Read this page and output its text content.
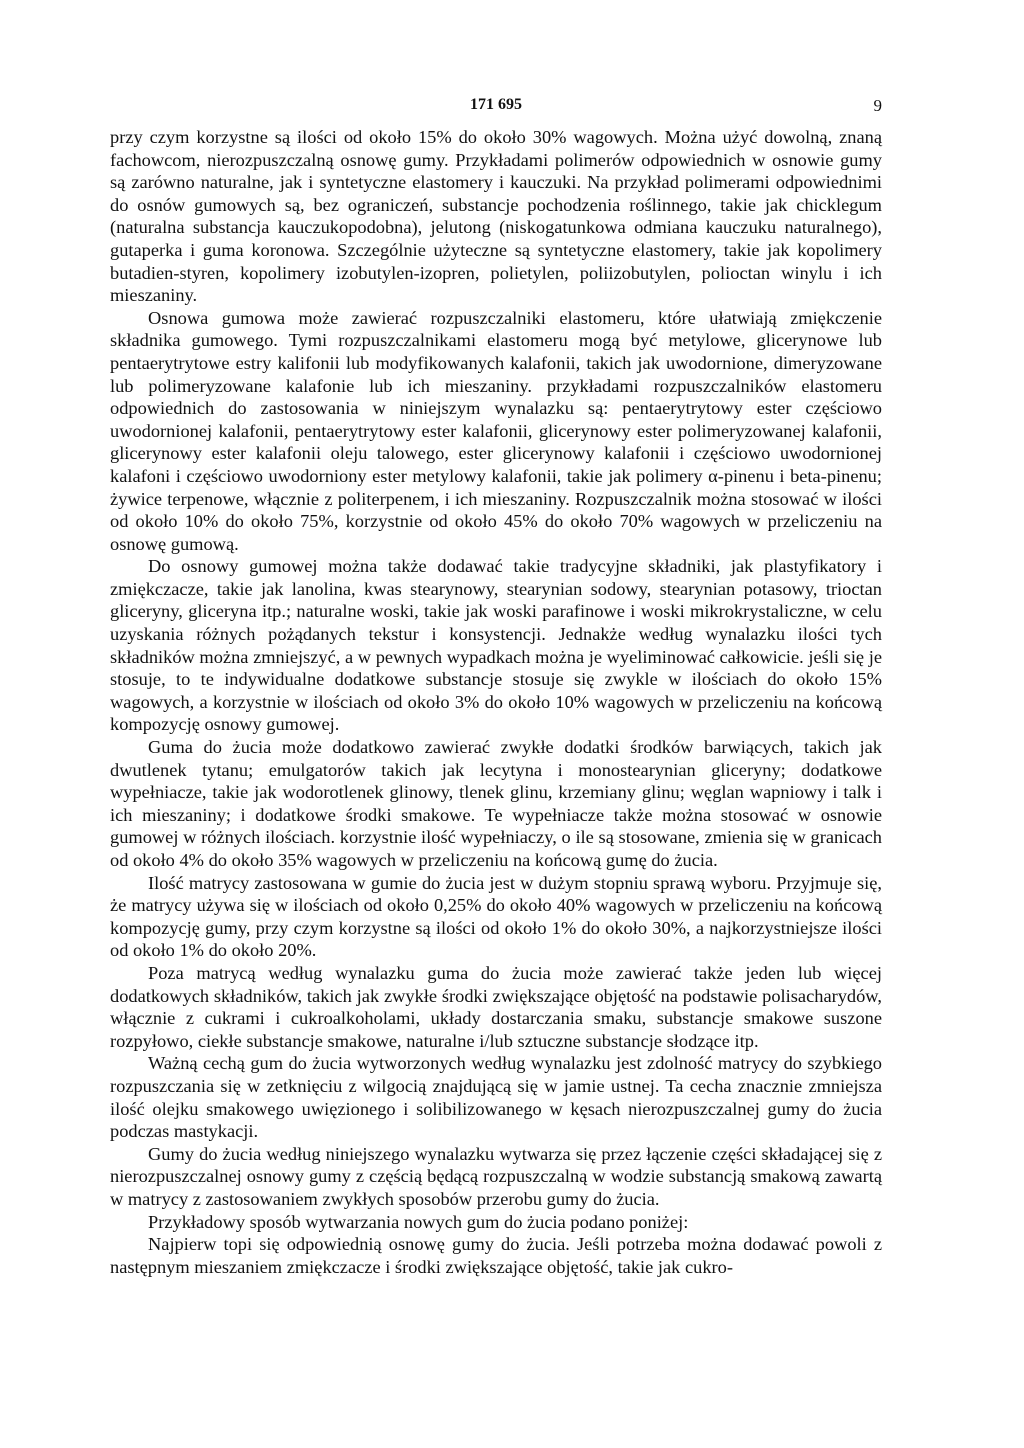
171 695	9

przy czym korzystne są ilości od około 15% do około 30% wagowych. Można użyć dowolną, znaną fachowcom, nierozpuszczalną osnowę gumy. Przykładami polimerów odpowiednich w osnowie gumy są zarówno naturalne, jak i syntetyczne elastomery i kauczuki. Na przykład polimerami odpowiednimi do osnów gumowych są, bez ograniczeń, substancje pochodzenia roślinnego, takie jak chicklegum (naturalna substancja kauczukopodobna), jelutong (niskogatunkowa odmiana kauczuku naturalnego), gutaperka i guma koronowa. Szczególnie użyteczne są syntetyczne elastomery, takie jak kopolimery butadien-styren, kopolimery izobutylen-izopren, polietylen, poliizobutylen, polioctan winylu i ich mieszaniny.

Osnowa gumowa może zawierać rozpuszczalniki elastomeru, które ułatwiają zmiękczenie składnika gumowego. Tymi rozpuszczalnikami elastomeru mogą być metylowe, glicerynowe lub pentaerytrytowe estry kalifonii lub modyfikowanych kalafonii, takich jak uwodornione, dimeryzowane lub polimeryzowane kalafonie lub ich mieszaniny. przykładami rozpuszczalników elastomeru odpowiednich do zastosowania w niniejszym wynalazku są: pentaerytrytowy ester częściowo uwodornionej kalafonii, pentaerytrytowy ester kalafonii, glicerynowy ester polimeryzowanej kalafonii, glicerynowy ester kalafonii oleju talowego, ester glicerynowy kalafonii i częściowo uwodornionej kalafoni i częściowo uwodorniony ester metylowy kalafonii, takie jak polimery α-pinenu i beta-pinenu; żywice terpenowe, włącznie z politerpenem, i ich mieszaniny. Rozpuszczalnik można stosować w ilości od około 10% do około 75%, korzystnie od około 45% do około 70% wagowych w przeliczeniu na osnowę gumową.

Do osnowy gumowej można także dodawać takie tradycyjne składniki, jak plastyfikatory i zmiękczacze, takie jak lanolina, kwas stearynowy, stearynian sodowy, stearynian potasowy, trioctan gliceryny, gliceryna itp.; naturalne woski, takie jak woski parafinowe i woski mikrokrystaliczne, w celu uzyskania różnych pożądanych tekstur i konsystencji. Jednakże według wynalazku ilości tych składników można zmniejszyć, a w pewnych wypadkach można je wyeliminować całkowicie. jeśli się je stosuje, to te indywidualne dodatkowe substancje stosuje się zwykle w ilościach do około 15% wagowych, a korzystnie w ilościach od około 3% do około 10% wagowych w przeliczeniu na końcową kompozycję osnowy gumowej.

Guma do żucia może dodatkowo zawierać zwykłe dodatki środków barwiących, takich jak dwutlenek tytanu; emulgatorów takich jak lecytyna i monostearynian gliceryny; dodatkowe wypełniacze, takie jak wodorotlenek glinowy, tlenek glinu, krzemiany glinu; węglan wapniowy i talk i ich mieszaniny; i dodatkowe środki smakowe. Te wypełniacze także można stosować w osnowie gumowej w różnych ilościach. korzystnie ilość wypełniaczy, o ile są stosowane, zmienia się w granicach od około 4% do około 35% wagowych w przeliczeniu na końcową gumę do żucia.

Ilość matrycy zastosowana w gumie do żucia jest w dużym stopniu sprawą wyboru. Przyjmuje się, że matrycy używa się w ilościach od około 0,25% do około 40% wagowych w przeliczeniu na końcową kompozycję gumy, przy czym korzystne są ilości od około 1% do około 30%, a najkorzystniejsze ilości od około 1% do około 20%.

Poza matrycą według wynalazku guma do żucia może zawierać także jeden lub więcej dodatkowych składników, takich jak zwykłe środki zwiększające objętość na podstawie polisacharydów, włącznie z cukrami i cukroalkoholami, układy dostarczania smaku, substancje smakowe suszone rozpyłowo, ciekłe substancje smakowe, naturalne i/lub sztuczne substancje słodzące itp.

Ważną cechą gum do żucia wytworzonych według wynalazku jest zdolność matrycy do szybkiego rozpuszczania się w zetknięciu z wilgocią znajdującą się w jamie ustnej. Ta cecha znacznie zmniejsza ilość olejku smakowego uwięzionego i solibilizowanego w kęsach nierozpuszczalnej gumy do żucia podczas mastykacji.

Gumy do żucia według niniejszego wynalazku wytwarza się przez łączenie części składającej się z nierozpuszczalnej osnowy gumy z częścią będącą rozpuszczalną w wodzie substancją smakową zawartą w matrycy z zastosowaniem zwykłych sposobów przerobu gumy do żucia.

Przykładowy sposób wytwarzania nowych gum do żucia podano poniżej:

Najpierw topi się odpowiednią osnowę gumy do żucia. Jeśli potrzeba można dodawać powoli z następnym mieszaniem zmiękczacze i środki zwiększające objętość, takie jak cukro-
